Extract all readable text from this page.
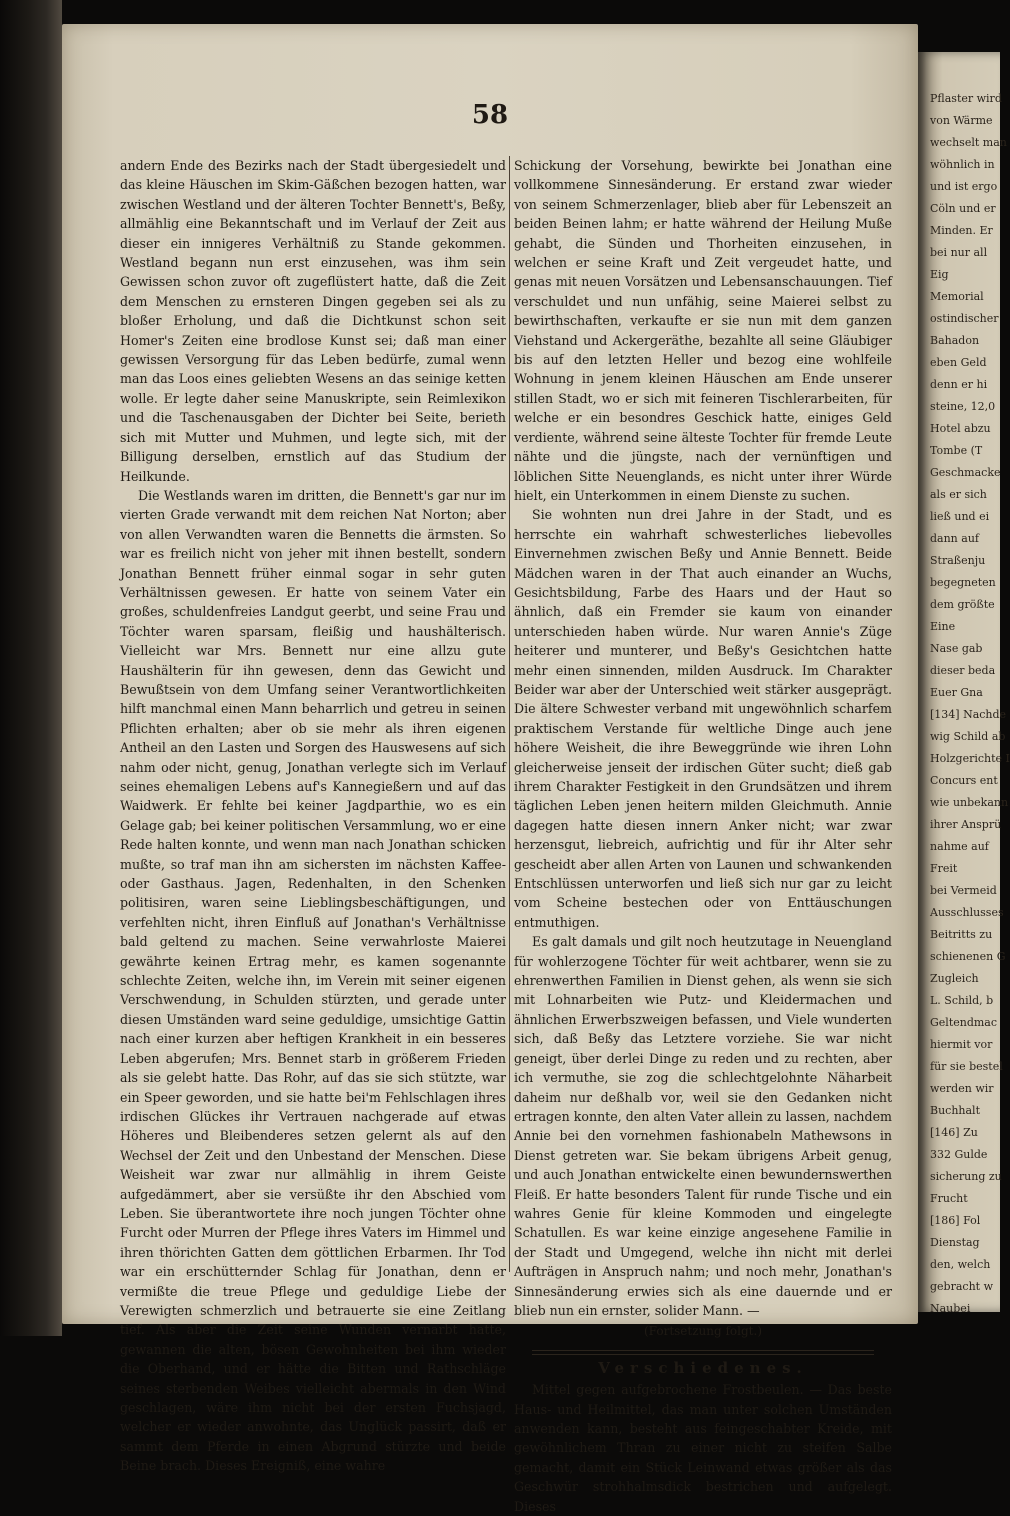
58

andern Ende des Bezirks nach der Stadt übergesiedelt und das kleine Häuschen im Skim-Gäßchen bezogen hatten, war zwischen Westland und der älteren Tochter Bennett's, Beßy, allmählig eine Bekanntschaft und im Verlauf der Zeit aus dieser ein innigeres Verhältniß zu Stande gekommen. Westland begann nun erst einzusehen, was ihm sein Gewissen schon zuvor oft zugeflüstert hatte, daß die Zeit dem Menschen zu ernsteren Dingen gegeben sei als zu bloßer Erholung, und daß die Dichtkunst schon seit Homer's Zeiten eine brodlose Kunst sei; daß man einer gewissen Versorgung für das Leben bedürfe, zumal wenn man das Loos eines geliebten Wesens an das seinige ketten wolle. Er legte daher seine Manuskripte, sein Reimlexikon und die Taschenausgaben der Dichter bei Seite, berieth sich mit Mutter und Muhmen, und legte sich, mit der Billigung derselben, ernstlich auf das Studium der Heilkunde.

Die Westlands waren im dritten, die Bennett's gar nur im vierten Grade verwandt mit dem reichen Nat Norton; aber von allen Verwandten waren die Bennetts die ärmsten. So war es freilich nicht von jeher mit ihnen bestellt, sondern Jonathan Bennett früher einmal sogar in sehr guten Verhältnissen gewesen. Er hatte von seinem Vater ein großes, schuldenfreies Landgut geerbt, und seine Frau und Töchter waren sparsam, fleißig und haushälterisch. Vielleicht war Mrs. Bennett nur eine allzu gute Haushälterin für ihn gewesen, denn das Gewicht und Bewußtsein von dem Umfang seiner Verantwortlichkeiten hilft manchmal einen Mann beharrlich und getreu in seinen Pflichten erhalten; aber ob sie mehr als ihren eigenen Antheil an den Lasten und Sorgen des Hauswesens auf sich nahm oder nicht, genug, Jonathan verlegte sich im Verlauf seines ehemaligen Lebens auf's Kannegießern und auf das Waidwerk. Er fehlte bei keiner Jagdparthie, wo es ein Gelage gab; bei keiner politischen Versammlung, wo er eine Rede halten konnte, und wenn man nach Jonathan schicken mußte, so traf man ihn am sichersten im nächsten Kaffee- oder Gasthaus. Jagen, Redenhalten, in den Schenken politisiren, waren seine Lieblingsbeschäftigungen, und verfehlten nicht, ihren Einfluß auf Jonathan's Verhältnisse bald geltend zu machen. Seine verwahrloste Maierei gewährte keinen Ertrag mehr, es kamen sogenannte schlechte Zeiten, welche ihn, im Verein mit seiner eigenen Verschwendung, in Schulden stürzten, und gerade unter diesen Umständen ward seine geduldige, umsichtige Gattin nach einer kurzen aber heftigen Krankheit in ein besseres Leben abgerufen; Mrs. Bennet starb in größerem Frieden als sie gelebt hatte. Das Rohr, auf das sie sich stützte, war ein Speer geworden, und sie hatte bei'm Fehlschlagen ihres irdischen Glückes ihr Vertrauen nachgerade auf etwas Höheres und Bleibenderes setzen gelernt als auf den Wechsel der Zeit und den Unbestand der Menschen. Diese Weisheit war zwar nur allmählig in ihrem Geiste aufgedämmert, aber sie versüßte ihr den Abschied vom Leben. Sie überantwortete ihre noch jungen Töchter ohne Furcht oder Murren der Pflege ihres Vaters im Himmel und ihren thörichten Gatten dem göttlichen Erbarmen. Ihr Tod war ein erschütternder Schlag für Jonathan, denn er vermißte die treue Pflege und geduldige Liebe der Verewigten schmerzlich und betrauerte sie eine Zeitlang tief. Als aber die Zeit seine Wunden vernarbt hatte, gewannen die alten, bösen Gewohnheiten bei ihm wieder die Oberhand, und er hätte die Bitten und Rathschläge seines sterbenden Weibes vielleicht abermals in den Wind geschlagen, wäre ihm nicht bei der ersten Fuchsjagd, welcher er wieder anwohnte, das Unglück passirt, daß er sammt dem Pferde in einen Abgrund stürzte und beide Beine brach. Dieses Ereigniß, eine wahre

Schickung der Vorsehung, bewirkte bei Jonathan eine vollkommene Sinnesänderung. Er erstand zwar wieder von seinem Schmerzenlager, blieb aber für Lebenszeit an beiden Beinen lahm; er hatte während der Heilung Muße gehabt, die Sünden und Thorheiten einzusehen, in welchen er seine Kraft und Zeit vergeudet hatte, und genas mit neuen Vorsätzen und Lebensanschauungen. Tief verschuldet und nun unfähig, seine Maierei selbst zu bewirthschaften, verkaufte er sie nun mit dem ganzen Viehstand und Ackergeräthe, bezahlte all seine Gläubiger bis auf den letzten Heller und bezog eine wohlfeile Wohnung in jenem kleinen Häuschen am Ende unserer stillen Stadt, wo er sich mit feineren Tischlerarbeiten, für welche er ein besondres Geschick hatte, einiges Geld verdiente, während seine älteste Tochter für fremde Leute nähte und die jüngste, nach der vernünftigen und löblichen Sitte Neuenglands, es nicht unter ihrer Würde hielt, ein Unterkommen in einem Dienste zu suchen.

Sie wohnten nun drei Jahre in der Stadt, und es herrschte ein wahrhaft schwesterliches liebevolles Einvernehmen zwischen Beßy und Annie Bennett. Beide Mädchen waren in der That auch einander an Wuchs, Gesichtsbildung, Farbe des Haars und der Haut so ähnlich, daß ein Fremder sie kaum von einander unterschieden haben würde. Nur waren Annie's Züge heiterer und munterer, und Beßy's Gesichtchen hatte mehr einen sinnenden, milden Ausdruck. Im Charakter Beider war aber der Unterschied weit stärker ausgeprägt. Die ältere Schwester verband mit ungewöhnlich scharfem praktischem Verstande für weltliche Dinge auch jene höhere Weisheit, die ihre Beweggründe wie ihren Lohn gleicherweise jenseit der irdischen Güter sucht; dieß gab ihrem Charakter Festigkeit in den Grundsätzen und ihrem täglichen Leben jenen heitern milden Gleichmuth. Annie dagegen hatte diesen innern Anker nicht; war zwar herzensgut, liebreich, aufrichtig und für ihr Alter sehr gescheidt aber allen Arten von Launen und schwankenden Entschlüssen unterworfen und ließ sich nur gar zu leicht vom Scheine bestechen oder von Enttäuschungen entmuthigen.

Es galt damals und gilt noch heutzutage in Neuengland für wohlerzogene Töchter für weit achtbarer, wenn sie zu ehrenwerthen Familien in Dienst gehen, als wenn sie sich mit Lohnarbeiten wie Putz- und Kleidermachen und ähnlichen Erwerbszweigen befassen, und Viele wunderten sich, daß Beßy das Letztere vorziehe. Sie war nicht geneigt, über derlei Dinge zu reden und zu rechten, aber ich vermuthe, sie zog die schlechtgelohnte Näharbeit daheim nur deßhalb vor, weil sie den Gedanken nicht ertragen konnte, den alten Vater allein zu lassen, nachdem Annie bei den vornehmen fashionabeln Mathewsons in Dienst getreten war. Sie bekam übrigens Arbeit genug, und auch Jonathan entwickelte einen bewundernswerthen Fleiß. Er hatte besonders Talent für runde Tische und ein wahres Genie für kleine Kommoden und eingelegte Schatullen. Es war keine einzige angesehene Familie in der Stadt und Umgegend, welche ihn nicht mit derlei Aufträgen in Anspruch nahm; und noch mehr, Jonathan's Sinnesänderung erwies sich als eine dauernde und er blieb nun ein ernster, solider Mann. —

(Fortsetzung folgt.)

Verschiedenes.

Mittel gegen aufgebrochene Frostbeulen. — Das beste Haus- und Heilmittel, das man unter solchen Umständen anwenden kann, besteht aus feingeschabter Kreide, mit gewöhnlichem Thran zu einer nicht zu steifen Salbe gemacht, damit ein Stück Leinwand etwas größer als das Geschwür strohhalmsdick bestrichen und aufgelegt. Dieses

Pflaster wird
von Wärme
wechselt man
wöhnlich in
und ist ergo
Cöln und er
Minden. Er
bei nur all
Eig
Memorial
ostindischer
Bahadon
eben Geld
denn er hi
steine, 12,0
Hotel abzu
Tombe (T
Geschmacke
als er sich
ließ und ei
dann auf
Straßenju
begegneten
dem größte
Eine
Nase gab
dieser beda
Euer Gna
[134] Nachde
wig Schild ab
Holzgerichte I
Concurs ent
wie unbekann
ihrer Ansprü
nahme auf
Freit
bei Vermeid
Ausschlusses
Beitritts zu
schienenen G
Zugleich
L. Schild, b
Geltendmac
hiermit vor
für sie bestel
werden wir
Buchhalt
[146] Zu
332 Gulde
sicherung zu
Frucht
[186] Fol
Dienstag
den, welch
gebracht w
Naubei
